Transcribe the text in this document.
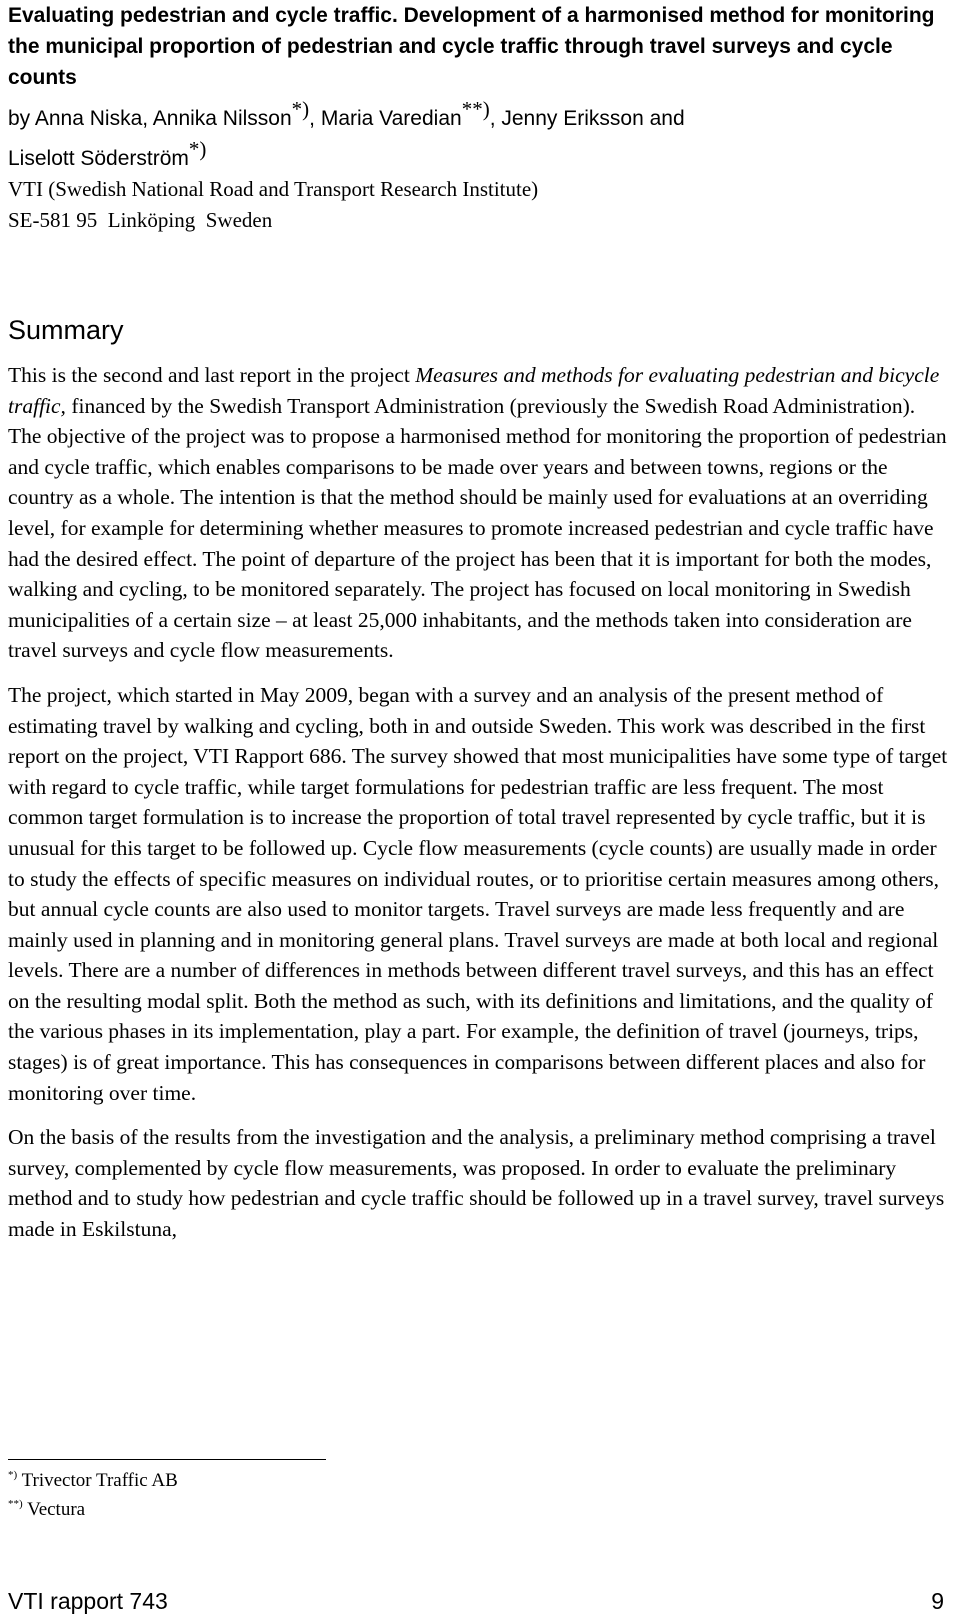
Evaluating pedestrian and cycle traffic. Development of a harmonised method for monitoring the municipal proportion of pedestrian and cycle traffic through travel surveys and cycle counts

by Anna Niska, Annika Nilsson*), Maria Varedian**), Jenny Eriksson and
Liselott Söderström*)

VTI (Swedish National Road and Transport Research Institute)

SE-581 95  Linköping  Sweden

Summary

This is the second and last report in the project Measures and methods for evaluating pedestrian and bicycle traffic, financed by the Swedish Transport Administration (previously the Swedish Road Administration). The objective of the project was to propose a harmonised method for monitoring the proportion of pedestrian and cycle traffic, which enables comparisons to be made over years and between towns, regions or the country as a whole. The intention is that the method should be mainly used for evaluations at an overriding level, for example for determining whether measures to promote increased pedestrian and cycle traffic have had the desired effect. The point of departure of the project has been that it is important for both the modes, walking and cycling, to be monitored separately. The project has focused on local monitoring in Swedish municipalities of a certain size – at least 25,000 inhabitants, and the methods taken into consideration are travel surveys and cycle flow measurements.

The project, which started in May 2009, began with a survey and an analysis of the present method of estimating travel by walking and cycling, both in and outside Sweden. This work was described in the first report on the project, VTI Rapport 686. The survey showed that most municipalities have some type of target with regard to cycle traffic, while target formulations for pedestrian traffic are less frequent. The most common target formulation is to increase the proportion of total travel represented by cycle traffic, but it is unusual for this target to be followed up. Cycle flow measurements (cycle counts) are usually made in order to study the effects of specific measures on individual routes, or to prioritise certain measures among others, but annual cycle counts are also used to monitor targets. Travel surveys are made less frequently and are mainly used in planning and in monitoring general plans. Travel surveys are made at both local and regional levels. There are a number of differences in methods between different travel surveys, and this has an effect on the resulting modal split. Both the method as such, with its definitions and limitations, and the quality of the various phases in its implementation, play a part. For example, the definition of travel (journeys, trips, stages) is of great importance. This has consequences in comparisons between different places and also for monitoring over time.

On the basis of the results from the investigation and the analysis, a preliminary method comprising a travel survey, complemented by cycle flow measurements, was proposed. In order to evaluate the preliminary method and to study how pedestrian and cycle traffic should be followed up in a travel survey, travel surveys made in Eskilstuna,

*) Trivector Traffic AB
**) Vectura
VTI rapport 743	9
